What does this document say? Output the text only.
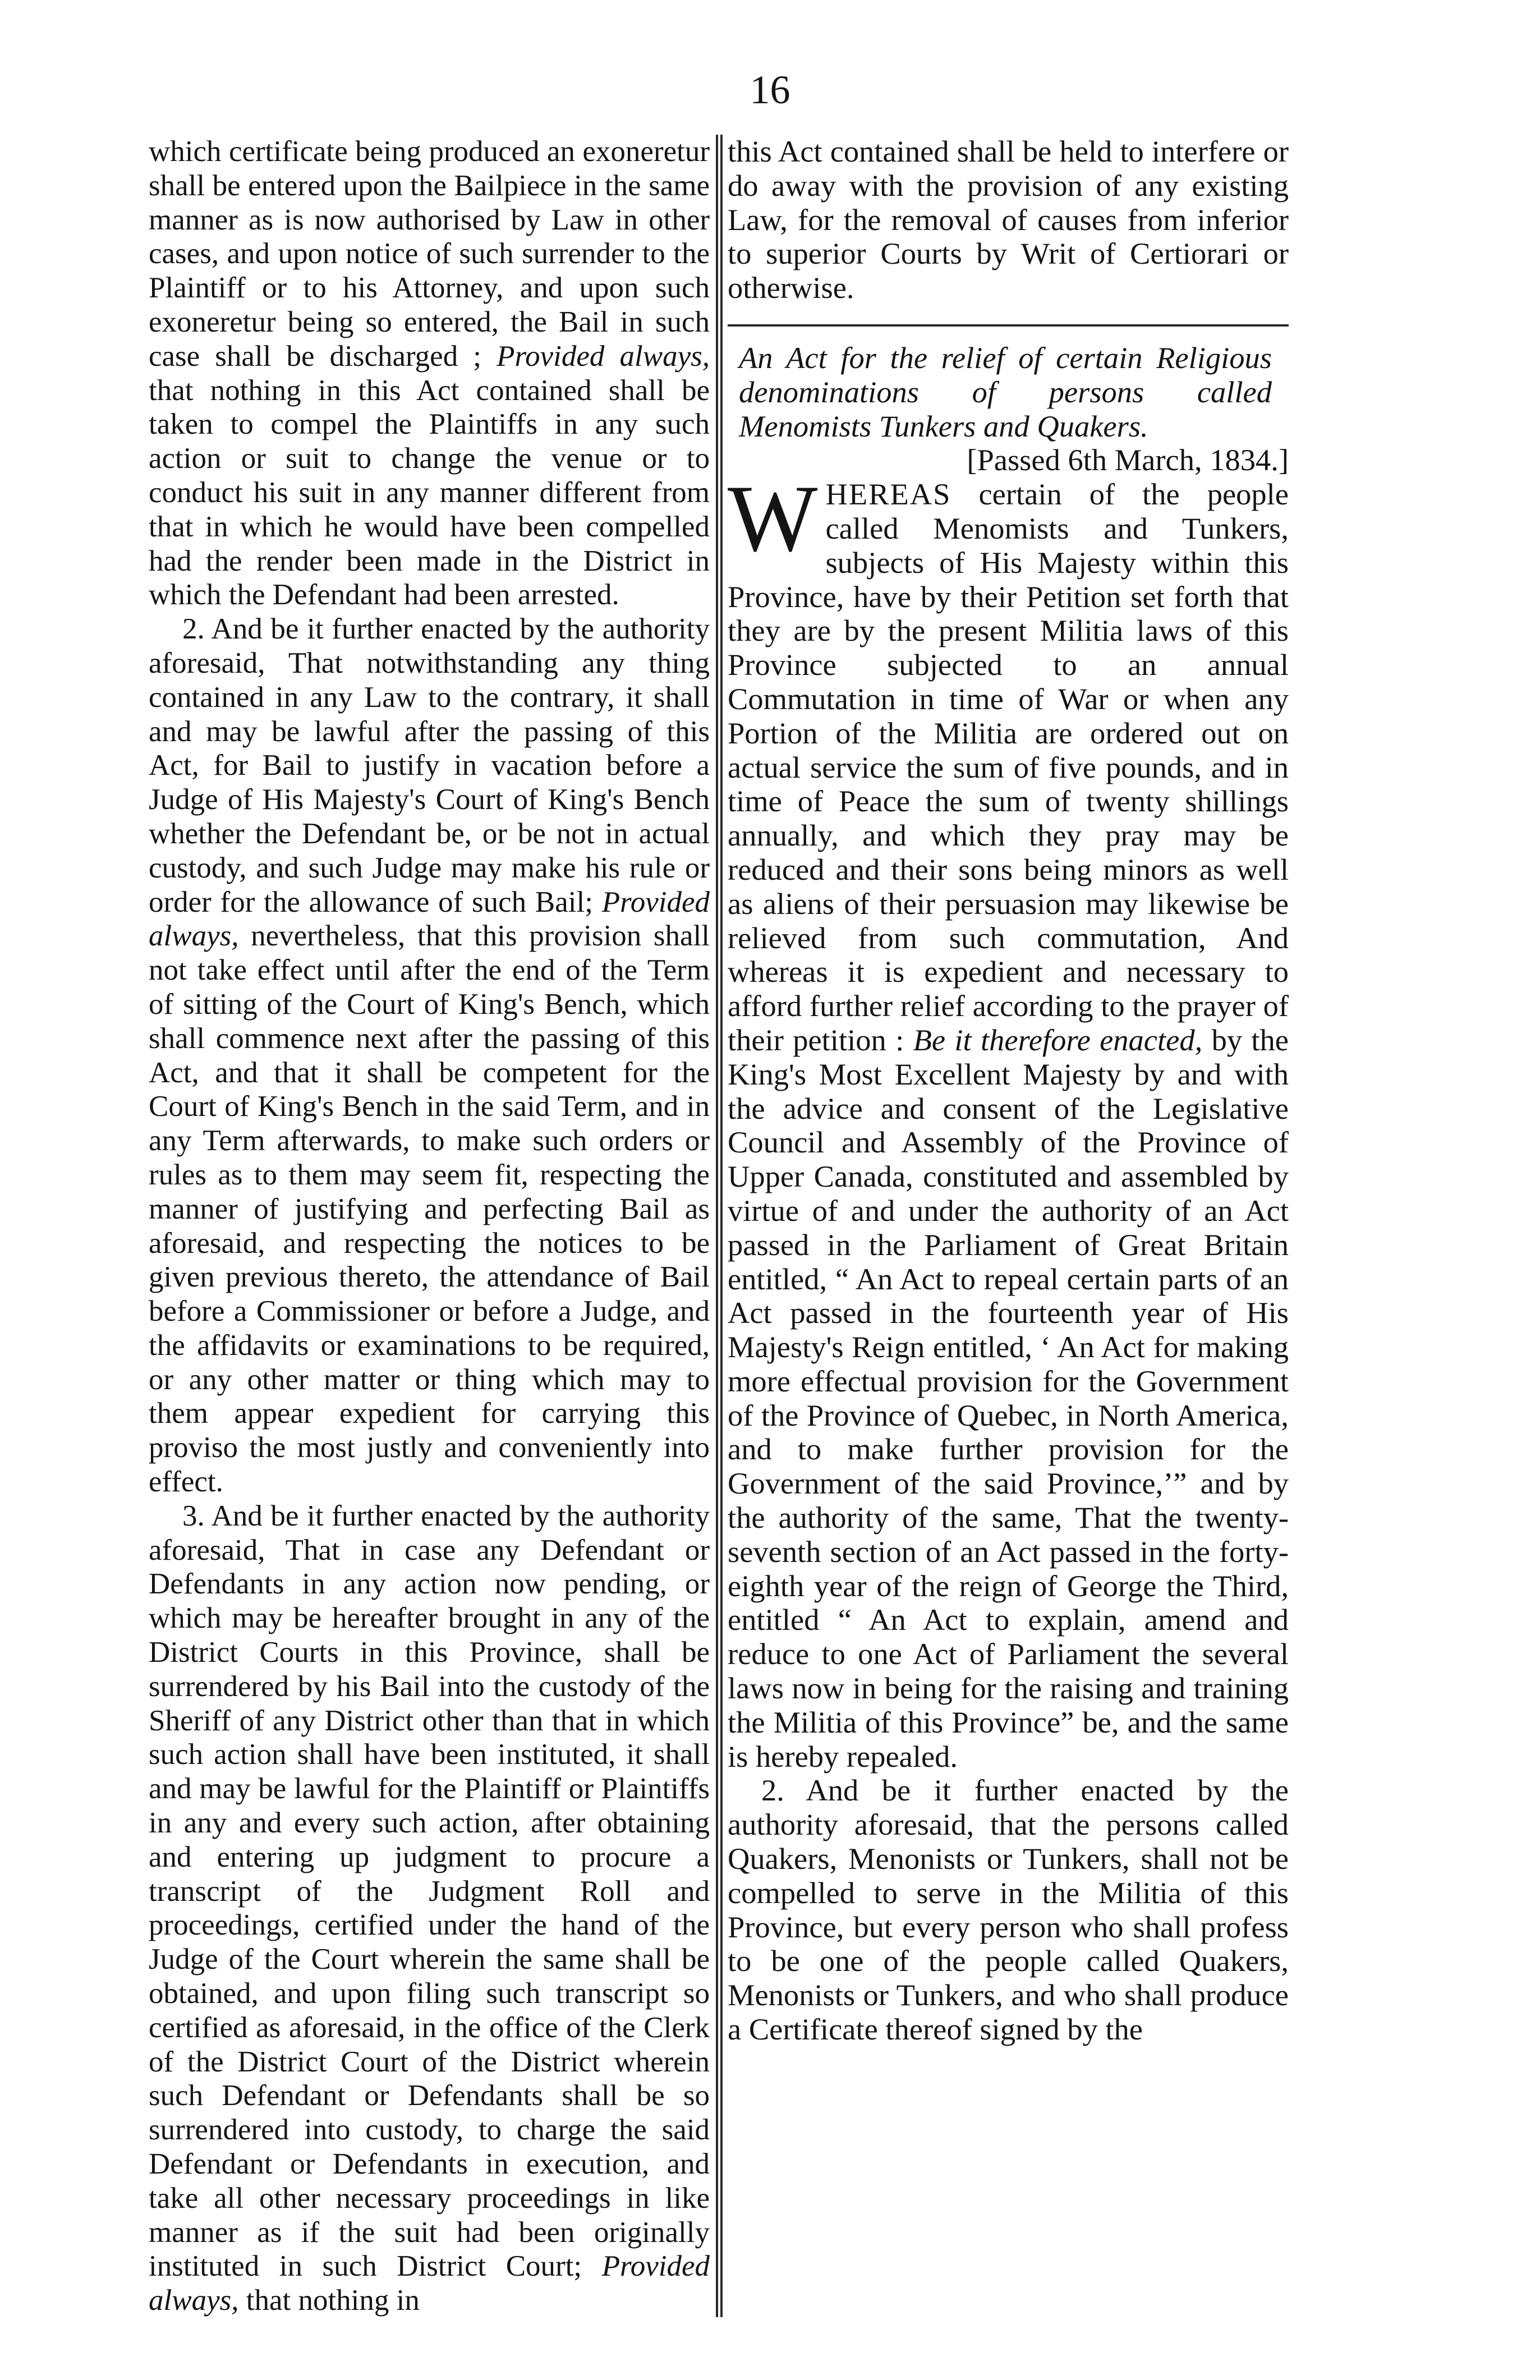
16

which certificate being produced an exoneretur shall be entered upon the Bailpiece in the same manner as is now authorised by Law in other cases, and upon notice of such surrender to the Plaintiff or to his Attorney, and upon such exoneretur being so entered, the Bail in such case shall be discharged ; Provided always, that nothing in this Act contained shall be taken to compel the Plaintiffs in any such action or suit to change the venue or to conduct his suit in any manner different from that in which he would have been compelled had the render been made in the District in which the Defendant had been arrested.

2. And be it further enacted by the authority aforesaid, That notwithstanding any thing contained in any Law to the contrary, it shall and may be lawful after the passing of this Act, for Bail to justify in vacation before a Judge of His Majesty's Court of King's Bench whether the Defendant be, or be not in actual custody, and such Judge may make his rule or order for the allowance of such Bail; Provided always, nevertheless, that this provision shall not take effect until after the end of the Term of sitting of the Court of King's Bench, which shall commence next after the passing of this Act, and that it shall be competent for the Court of King's Bench in the said Term, and in any Term afterwards, to make such orders or rules as to them may seem fit, respecting the manner of justifying and perfecting Bail as aforesaid, and respecting the notices to be given previous thereto, the attendance of Bail before a Commissioner or before a Judge, and the affidavits or examinations to be required, or any other matter or thing which may to them appear expedient for carrying this proviso the most justly and conveniently into effect.

3. And be it further enacted by the authority aforesaid, That in case any Defendant or Defendants in any action now pending, or which may be hereafter brought in any of the District Courts in this Province, shall be surrendered by his Bail into the custody of the Sheriff of any District other than that in which such action shall have been instituted, it shall and may be lawful for the Plaintiff or Plaintiffs in any and every such action, after obtaining and entering up judgment to procure a transcript of the Judgment Roll and proceedings, certified under the hand of the Judge of the Court wherein the same shall be obtained, and upon filing such transcript so certified as aforesaid, in the office of the Clerk of the District Court of the District wherein such Defendant or Defendants shall be so surrendered into custody, to charge the said Defendant or Defendants in execution, and take all other necessary proceedings in like manner as if the suit had been originally instituted in such District Court; Provided always, that nothing in

this Act contained shall be held to interfere or do away with the provision of any existing Law, for the removal of causes from inferior to superior Courts by Writ of Certiorari or otherwise.

An Act for the relief of certain Religious denominations of persons called Menomists Tunkers and Quakers.

[Passed 6th March, 1834.]

WHEREAS certain of the people called Menomists and Tunkers, subjects of His Majesty within this Province, have by their Petition set forth that they are by the present Militia laws of this Province subjected to an annual Commutation in time of War or when any Portion of the Militia are ordered out on actual service the sum of five pounds, and in time of Peace the sum of twenty shillings annually, and which they pray may be reduced and their sons being minors as well as aliens of their persuasion may likewise be relieved from such commutation, And whereas it is expedient and necessary to afford further relief according to the prayer of their petition : Be it therefore enacted, by the King's Most Excellent Majesty by and with the advice and consent of the Legislative Council and Assembly of the Province of Upper Canada, constituted and assembled by virtue of and under the authority of an Act passed in the Parliament of Great Britain entitled, “ An Act to repeal certain parts of an Act passed in the fourteenth year of His Majesty's Reign entitled, ‘ An Act for making more effectual provision for the Government of the Province of Quebec, in North America, and to make further provision for the Government of the said Province,’” and by the authority of the same, That the twenty-seventh section of an Act passed in the forty-eighth year of the reign of George the Third, entitled “ An Act to explain, amend and reduce to one Act of Parliament the several laws now in being for the raising and training the Militia of this Province” be, and the same is hereby repealed.

2. And be it further enacted by the authority aforesaid, that the persons called Quakers, Menonists or Tunkers, shall not be compelled to serve in the Militia of this Province, but every person who shall profess to be one of the people called Quakers, Menonists or Tunkers, and who shall produce a Certificate thereof signed by the
